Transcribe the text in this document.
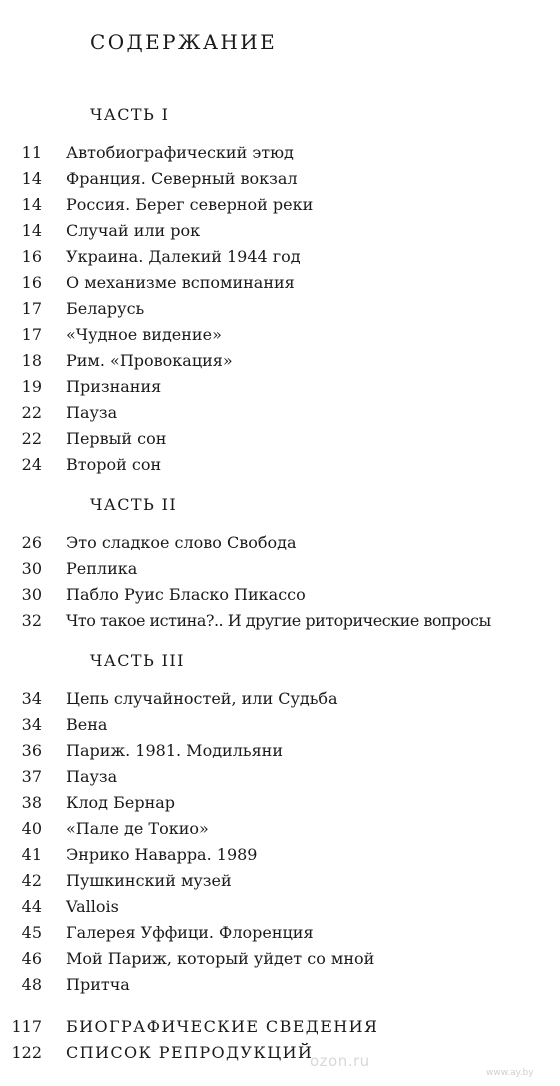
СОДЕРЖАНИЕ
ЧАСТЬ I
11	Автобиографический этюд
14	Франция. Северный вокзал
14	Россия. Берег северной реки
14	Случай или рок
16	Украина. Далекий 1944 год
16	О механизме вспоминания
17	Беларусь
17	«Чудное видение»
18	Рим. «Провокация»
19	Признания
22	Пауза
22	Первый сон
24	Второй сон
ЧАСТЬ II
26	Это сладкое слово Свобода
30	Реплика
30	Пабло Руис Бласко Пикассо
32	Что такое истина?.. И другие риторические вопросы
ЧАСТЬ III
34	Цепь случайностей, или Судьба
34	Вена
36	Париж. 1981. Модильяни
37	Пауза
38	Клод Бернар
40	«Пале де Токио»
41	Энрико Наварра. 1989
42	Пушкинский музей
44	Vallois
45	Галерея Уффици. Флоренция
46	Мой Париж, который уйдет со мной
48	Притча
117	БИОГРАФИЧЕСКИЕ СВЕДЕНИЯ
122	СПИСОК РЕПРОДУКЦИЙ
ozon.ru
www.ay.by
